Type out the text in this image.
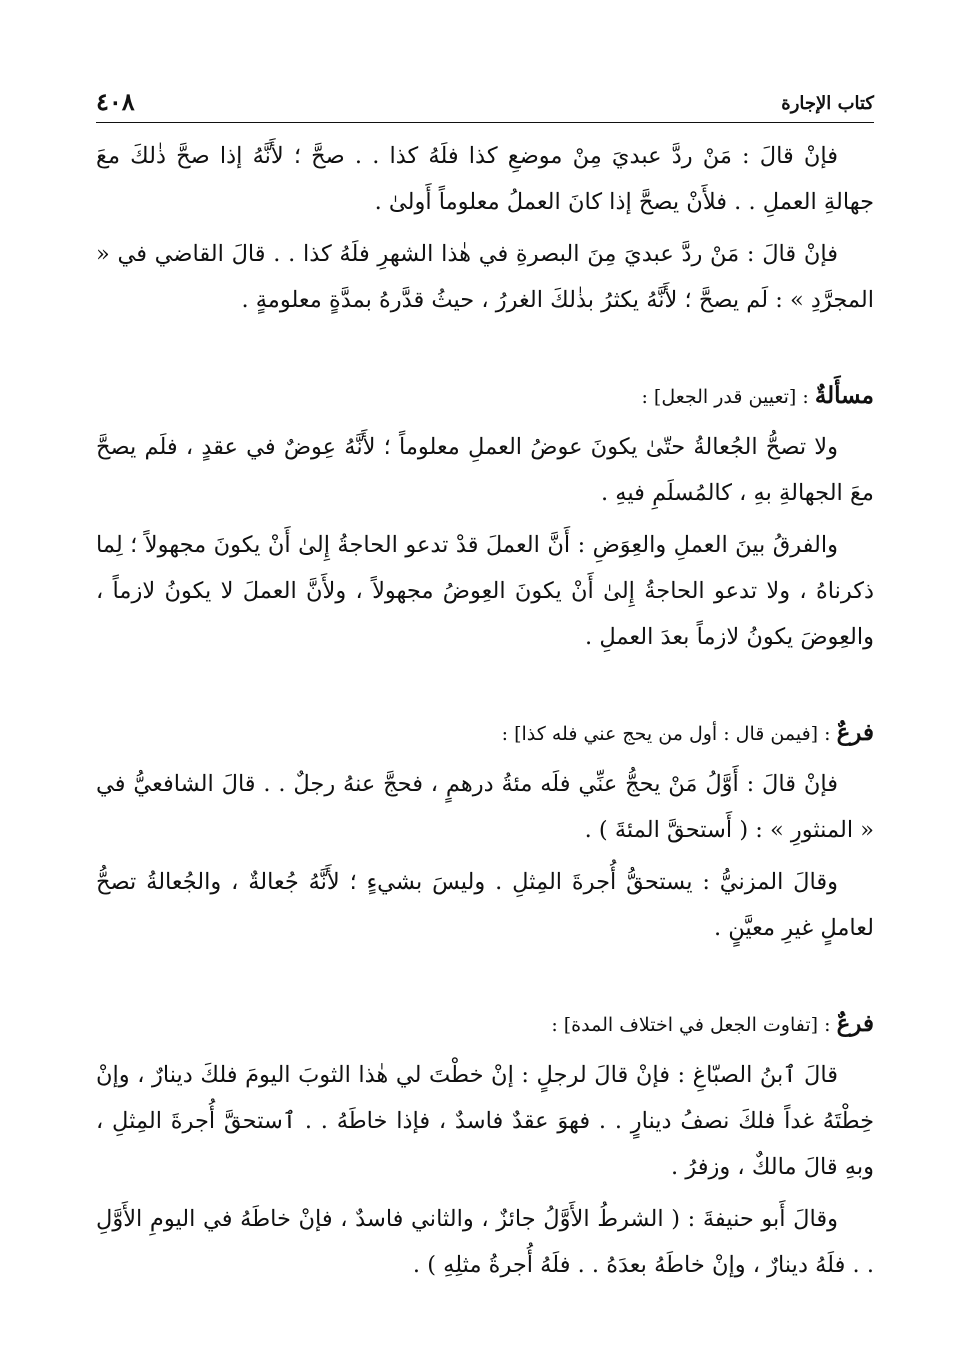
كتاب الإجارة
٤٠٨

فإنْ قالَ : مَنْ ردَّ عبديَ مِنْ موضعِ كذا فلَهُ كذا . . صحَّ ؛ لأَنَّهُ إذا صحَّ ذٰلكَ معَ جهالةِ العملِ . . فلأَنْ يصحَّ إذا كانَ العملُ معلوماً أَولىٰ .

فإنْ قالَ : مَنْ ردَّ عبديَ مِنَ البصرةِ في هٰذا الشهرِ فلَهُ كذا . . قالَ القاضي في « المجرَّدِ » : لَم يصحَّ ؛ لأَنَّهُ يكثرُ بذٰلكَ الغررُ ، حيثُ قدَّرهُ بمدَّةٍ معلومةٍ .

مسأَلةٌ : [تعيين قدر الجعل] :

ولا تصحُّ الجُعالةُ حتّىٰ يكونَ عوضُ العملِ معلوماً ؛ لأَنَّهُ عِوضٌ في عقدٍ ، فلَم يصحَّ معَ الجهالةِ بهِ ، كالمُسلَمِ فيهِ .

والفرقُ بينَ العملِ والعِوَضِ : أَنَّ العملَ قدْ تدعو الحاجةُ إِلىٰ أَنْ يكونَ مجهولاً ؛ لِما ذكرناهُ ، ولا تدعو الحاجةُ إِلىٰ أَنْ يكونَ العِوضُ مجهولاً ، ولأَنَّ العملَ لا يكونُ لازماً ، والعِوضَ يكونُ لازماً بعدَ العملِ .

فرعٌ : [فيمن قال : أول من يحج عني فله كذا] :

فإنْ قالَ : أَوَّلُ مَنْ يحجُّ عنِّي فلَه مئةُ درهمٍ ، فحجَّ عنهُ رجلٌ . . قالَ الشافعيُّ في « المنثورِ » : ( أَستحقَّ المئةَ ) .

وقالَ المزنيُّ : يستحقُّ أُجرةَ المِثلِ . وليسَ بشيءٍ ؛ لأَنَّهُ جُعالةٌ ، والجُعالةُ تصحُّ لعاملٍ غيرِ معيَّنٍ .

فرعٌ : [تفاوت الجعل في اختلاف المدة] :

قالَ ٱبنُ الصبّاغِ : فإنْ قالَ لرجلٍ : إنْ خطْتَ لي هٰذا الثوبَ اليومَ فلكَ دينارٌ ، وإنْ خِطْتَهُ غداً فلكَ نصفُ دينارٍ . . فهوَ عقدٌ فاسدٌ ، فإذا خاطَهُ . . ٱستحقَّ أُجرةَ المِثلِ ، وبهِ قالَ مالكٌ ، وزفرُ .

وقالَ أَبو حنيفةَ : ( الشرطُ الأَوَّلُ جائزٌ ، والثاني فاسدٌ ، فإنْ خاطَهُ في اليومِ الأَوَّلِ . . فلَهُ دينارٌ ، وإنْ خاطَهُ بعدَهُ . . فلَهُ أُجرةُ مثلِهِ ) .
